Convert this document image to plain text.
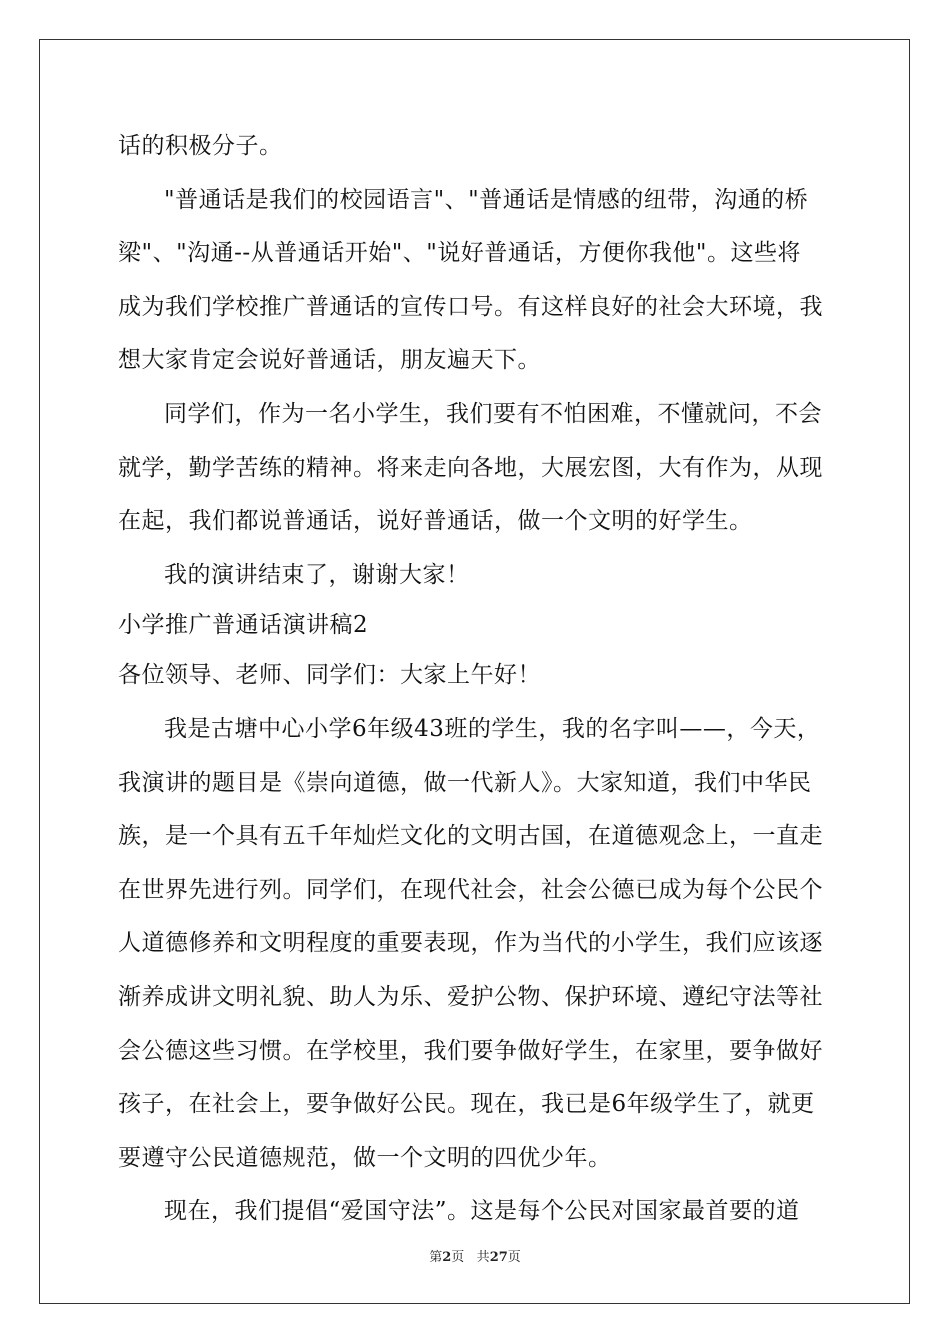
话的积极分子。
"普通话是我们的校园语言"、"普通话是情感的纽带，沟通的桥
梁"、"沟通--从普通话开始"、"说好普通话，方便你我他"。这些将
成为我们学校推广普通话的宣传口号。有这样良好的社会大环境，我
想大家肯定会说好普通话，朋友遍天下。
同学们，作为一名小学生，我们要有不怕困难，不懂就问，不会
就学，勤学苦练的精神。将来走向各地，大展宏图，大有作为，从现
在起，我们都说普通话，说好普通话，做一个文明的好学生。
我的演讲结束了，谢谢大家！
小学推广普通话演讲稿2
各位领导、老师、同学们：大家上午好！
我是古塘中心小学6年级43班的学生，我的名字叫——，今天，
我演讲的题目是《崇向道德，做一代新人》。大家知道，我们中华民
族，是一个具有五千年灿烂文化的文明古国，在道德观念上，一直走
在世界先进行列。同学们，在现代社会，社会公德已成为每个公民个
人道德修养和文明程度的重要表现，作为当代的小学生，我们应该逐
渐养成讲文明礼貌、助人为乐、爱护公物、保护环境、遵纪守法等社
会公德这些习惯。在学校里，我们要争做好学生，在家里，要争做好
孩子，在社会上，要争做好公民。现在，我已是6年级学生了，就更
要遵守公民道德规范，做一个文明的四优少年。
现在，我们提倡“爱国守法”。这是每个公民对国家最首要的道
第2页 共27页
